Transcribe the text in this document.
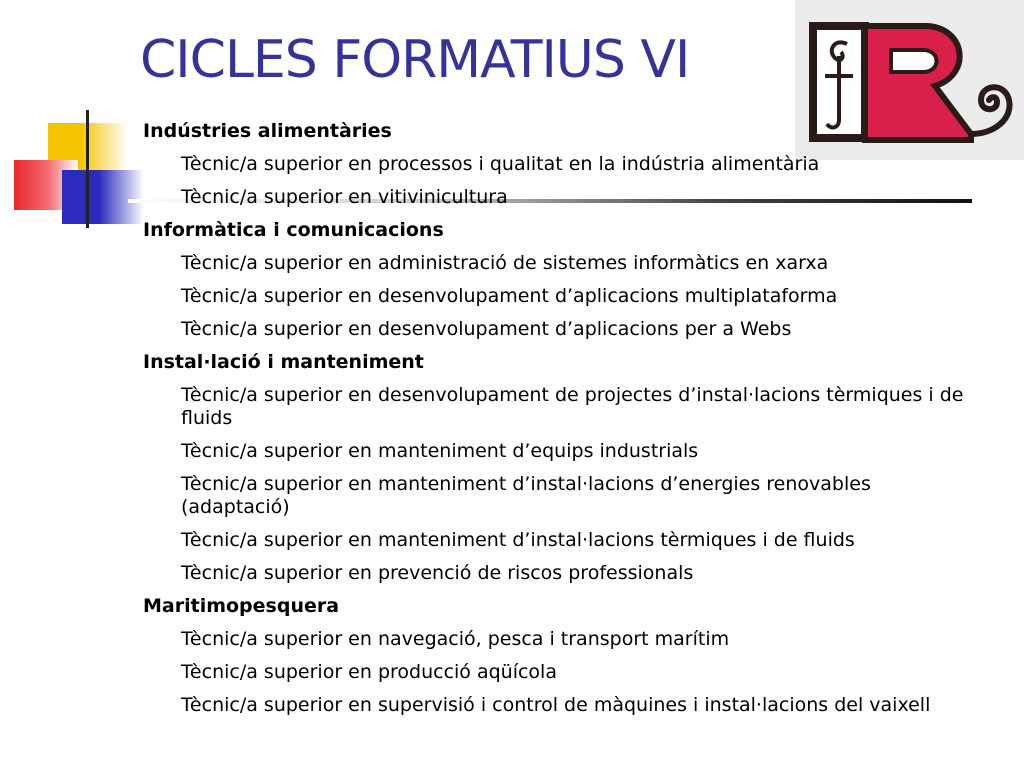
CICLES FORMATIUS VI
Indústries alimentàries
Tècnic/a superior en processos i qualitat en la indústria alimentària
Tècnic/a superior en vitivinicultura
Informàtica i comunicacions
Tècnic/a superior en administració de sistemes informàtics en xarxa
Tècnic/a superior en desenvolupament d’aplicacions multiplataforma
Tècnic/a superior en desenvolupament d’aplicacions per a Webs
Instal·lació i manteniment
Tècnic/a superior en desenvolupament de projectes d’instal·lacions tèrmiques i de fluids
Tècnic/a superior en manteniment d’equips industrials
Tècnic/a superior en manteniment d’instal·lacions d’energies renovables (adaptació)
Tècnic/a superior en manteniment d’instal·lacions tèrmiques i de fluids
Tècnic/a superior en prevenció de riscos professionals
Maritimopesquera
Tècnic/a superior en navegació, pesca i transport marítim
Tècnic/a superior en producció aqüícola
Tècnic/a superior en supervisió i control de màquines i instal·lacions del vaixell
